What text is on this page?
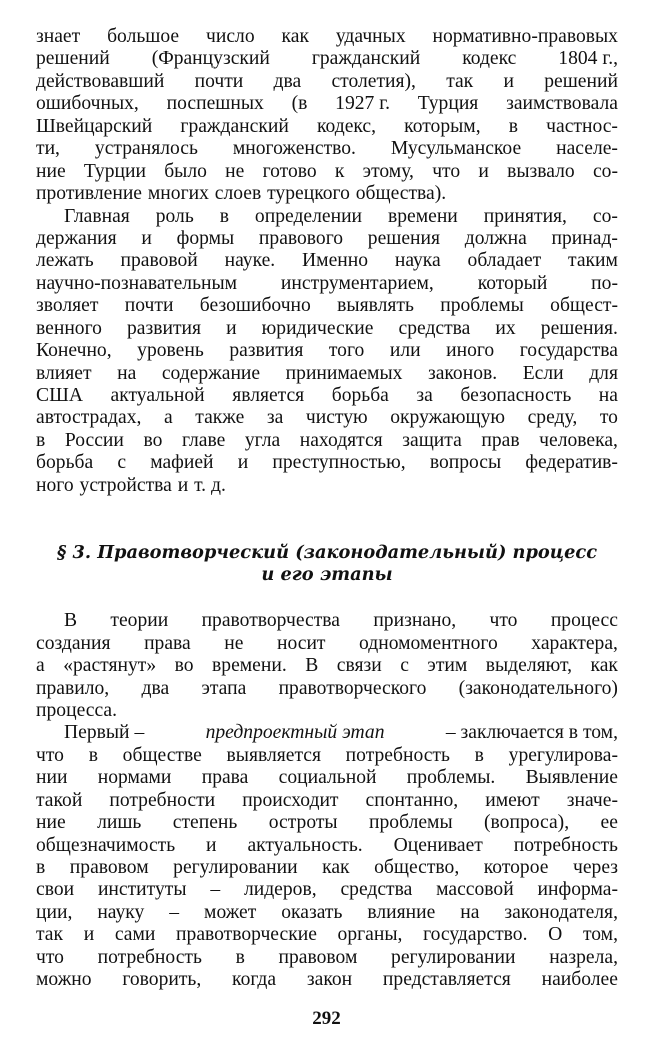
знает большое число как удачных нормативно-правовых
решений (Французский гражданский кодекс 1804 г.,
действовавший почти два столетия), так и решений
ошибочных, поспешных (в 1927 г. Турция заимствовала
Швейцарский гражданский кодекс, которым, в частнос-
ти, устранялось многоженство. Мусульманское населе-
ние Турции было не готово к этому, что и вызвало со-
противление многих слоев турецкого общества).
Главная роль в определении времени принятия, со-
держания и формы правового решения должна принад-
лежать правовой науке. Именно наука обладает таким
научно-познавательным инструментарием, который по-
зволяет почти безошибочно выявлять проблемы общест-
венного развития и юридические средства их решения.
Конечно, уровень развития того или иного государства
влияет на содержание принимаемых законов. Если для
США актуальной является борьба за безопасность на
автострадах, а также за чистую окружающую среду, то
в России во главе угла находятся защита прав человека,
борьба с мафией и преступностью, вопросы федератив-
ного устройства и т. д.
§ 3. Правотворческий (законодательный) процесс
и его этапы
В теории правотворчества признано, что процесс
создания права не носит одномоментного характера,
а «растянут» во времени. В связи с этим выделяют, как
правило, два этапа правотворческого (законодательного)
процесса.
Первый –	предпроектный этап	– заключается в том,
что в обществе выявляется потребность в урегулирова-
нии нормами права социальной проблемы. Выявление
такой потребности происходит спонтанно, имеют значе-
ние лишь степень остроты проблемы (вопроса), ее
общезначимость и актуальность. Оценивает потребность
в правовом регулировании как общество, которое через
свои институты – лидеров, средства массовой информа-
ции, науку – может оказать влияние на законодателя,
так и сами правотворческие органы, государство. О том,
что потребность в правовом регулировании назрела,
можно говорить, когда закон представляется наиболее
292
